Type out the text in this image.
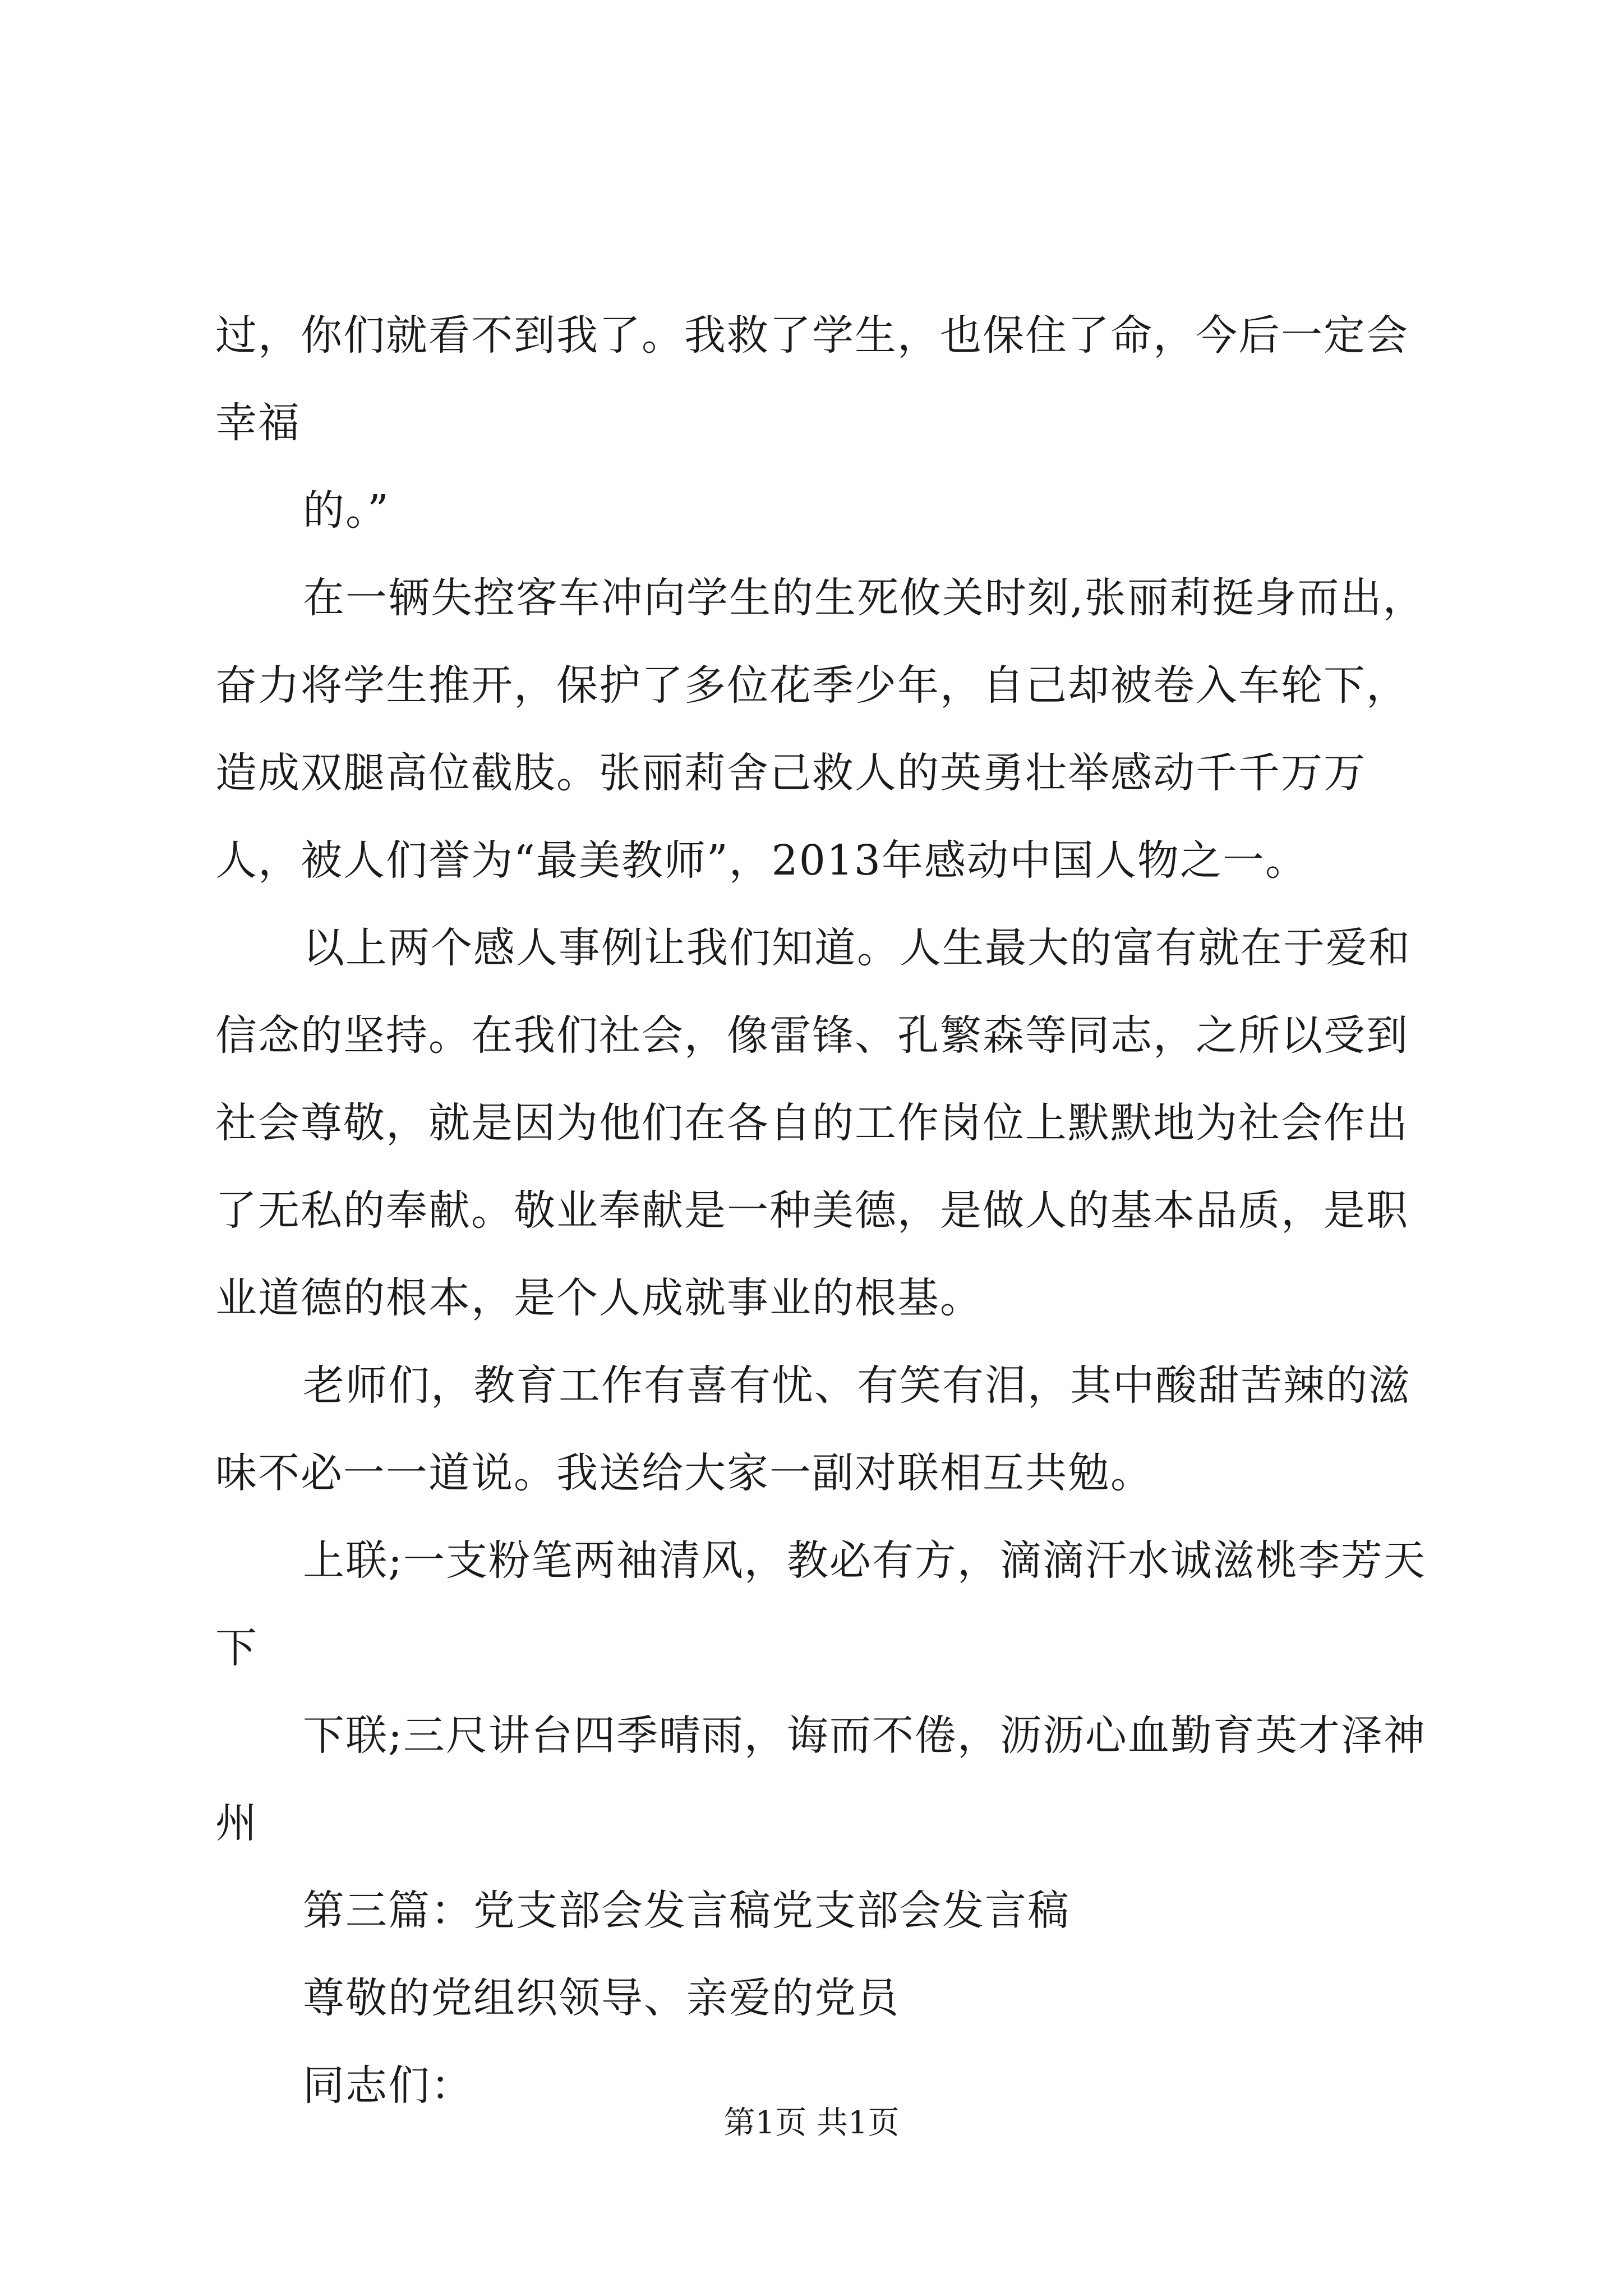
过，你们就看不到我了。我救了学生，也保住了命，今后一定会幸福

的。”

在一辆失控客车冲向学生的生死攸关时刻,张丽莉挺身而出，奋力将学生推开，保护了多位花季少年，自己却被卷入车轮下，造成双腿高位截肢。张丽莉舍己救人的英勇壮举感动千千万万人，被人们誉为“最美教师”，2013年感动中国人物之一。

以上两个感人事例让我们知道。人生最大的富有就在于爱和信念的坚持。在我们社会，像雷锋、孔繁森等同志，之所以受到社会尊敬，就是因为他们在各自的工作岗位上默默地为社会作出了无私的奉献。敬业奉献是一种美德，是做人的基本品质，是职业道德的根本，是个人成就事业的根基。

老师们，教育工作有喜有忧、有笑有泪，其中酸甜苦辣的滋味不必一一道说。我送给大家一副对联相互共勉。

上联;一支粉笔两袖清风，教必有方，滴滴汗水诚滋桃李芳天下

下联;三尺讲台四季晴雨，诲而不倦，沥沥心血勤育英才泽神州

第三篇：党支部会发言稿党支部会发言稿

尊敬的党组织领导、亲爱的党员

同志们：

第1页 共1页
